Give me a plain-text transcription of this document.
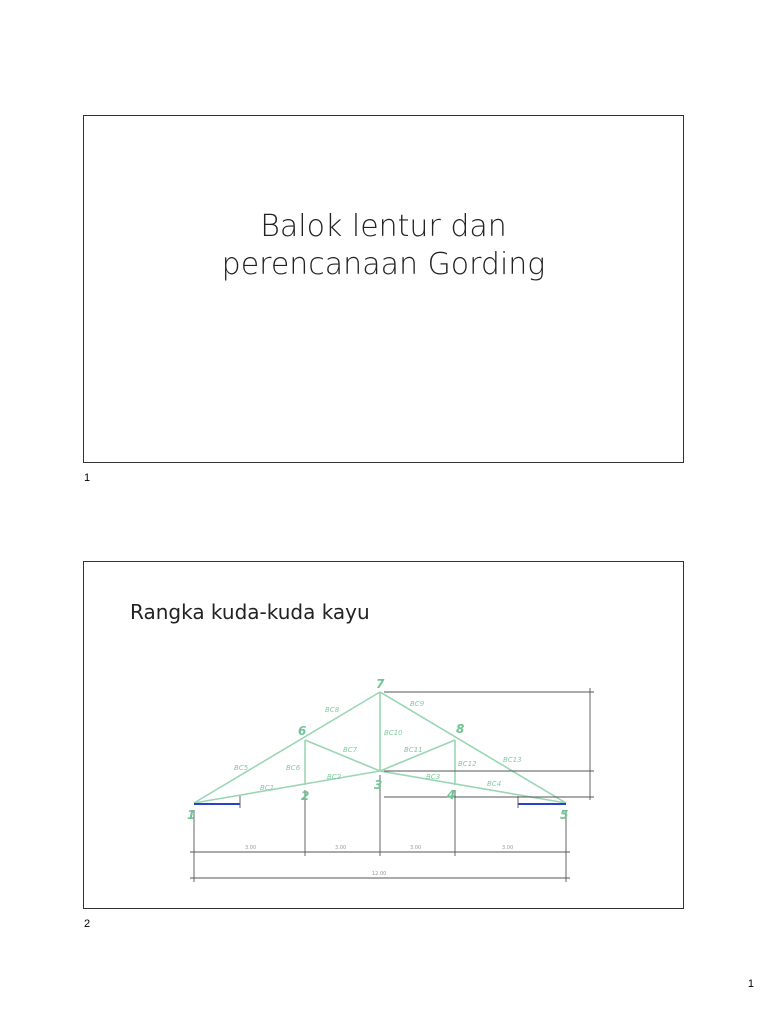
Balok lentur dan
perencanaan Gording
1
Rangka kuda-kuda kayu
2
3.00	3.00	3.00	3.00
12.00
BC1
BC2	BC3
BC4
BC5	BC6
BC7
BC8
BC9
BC10
BC11
BC12	BC13
1
2
3
4
5
6
7
8
1
